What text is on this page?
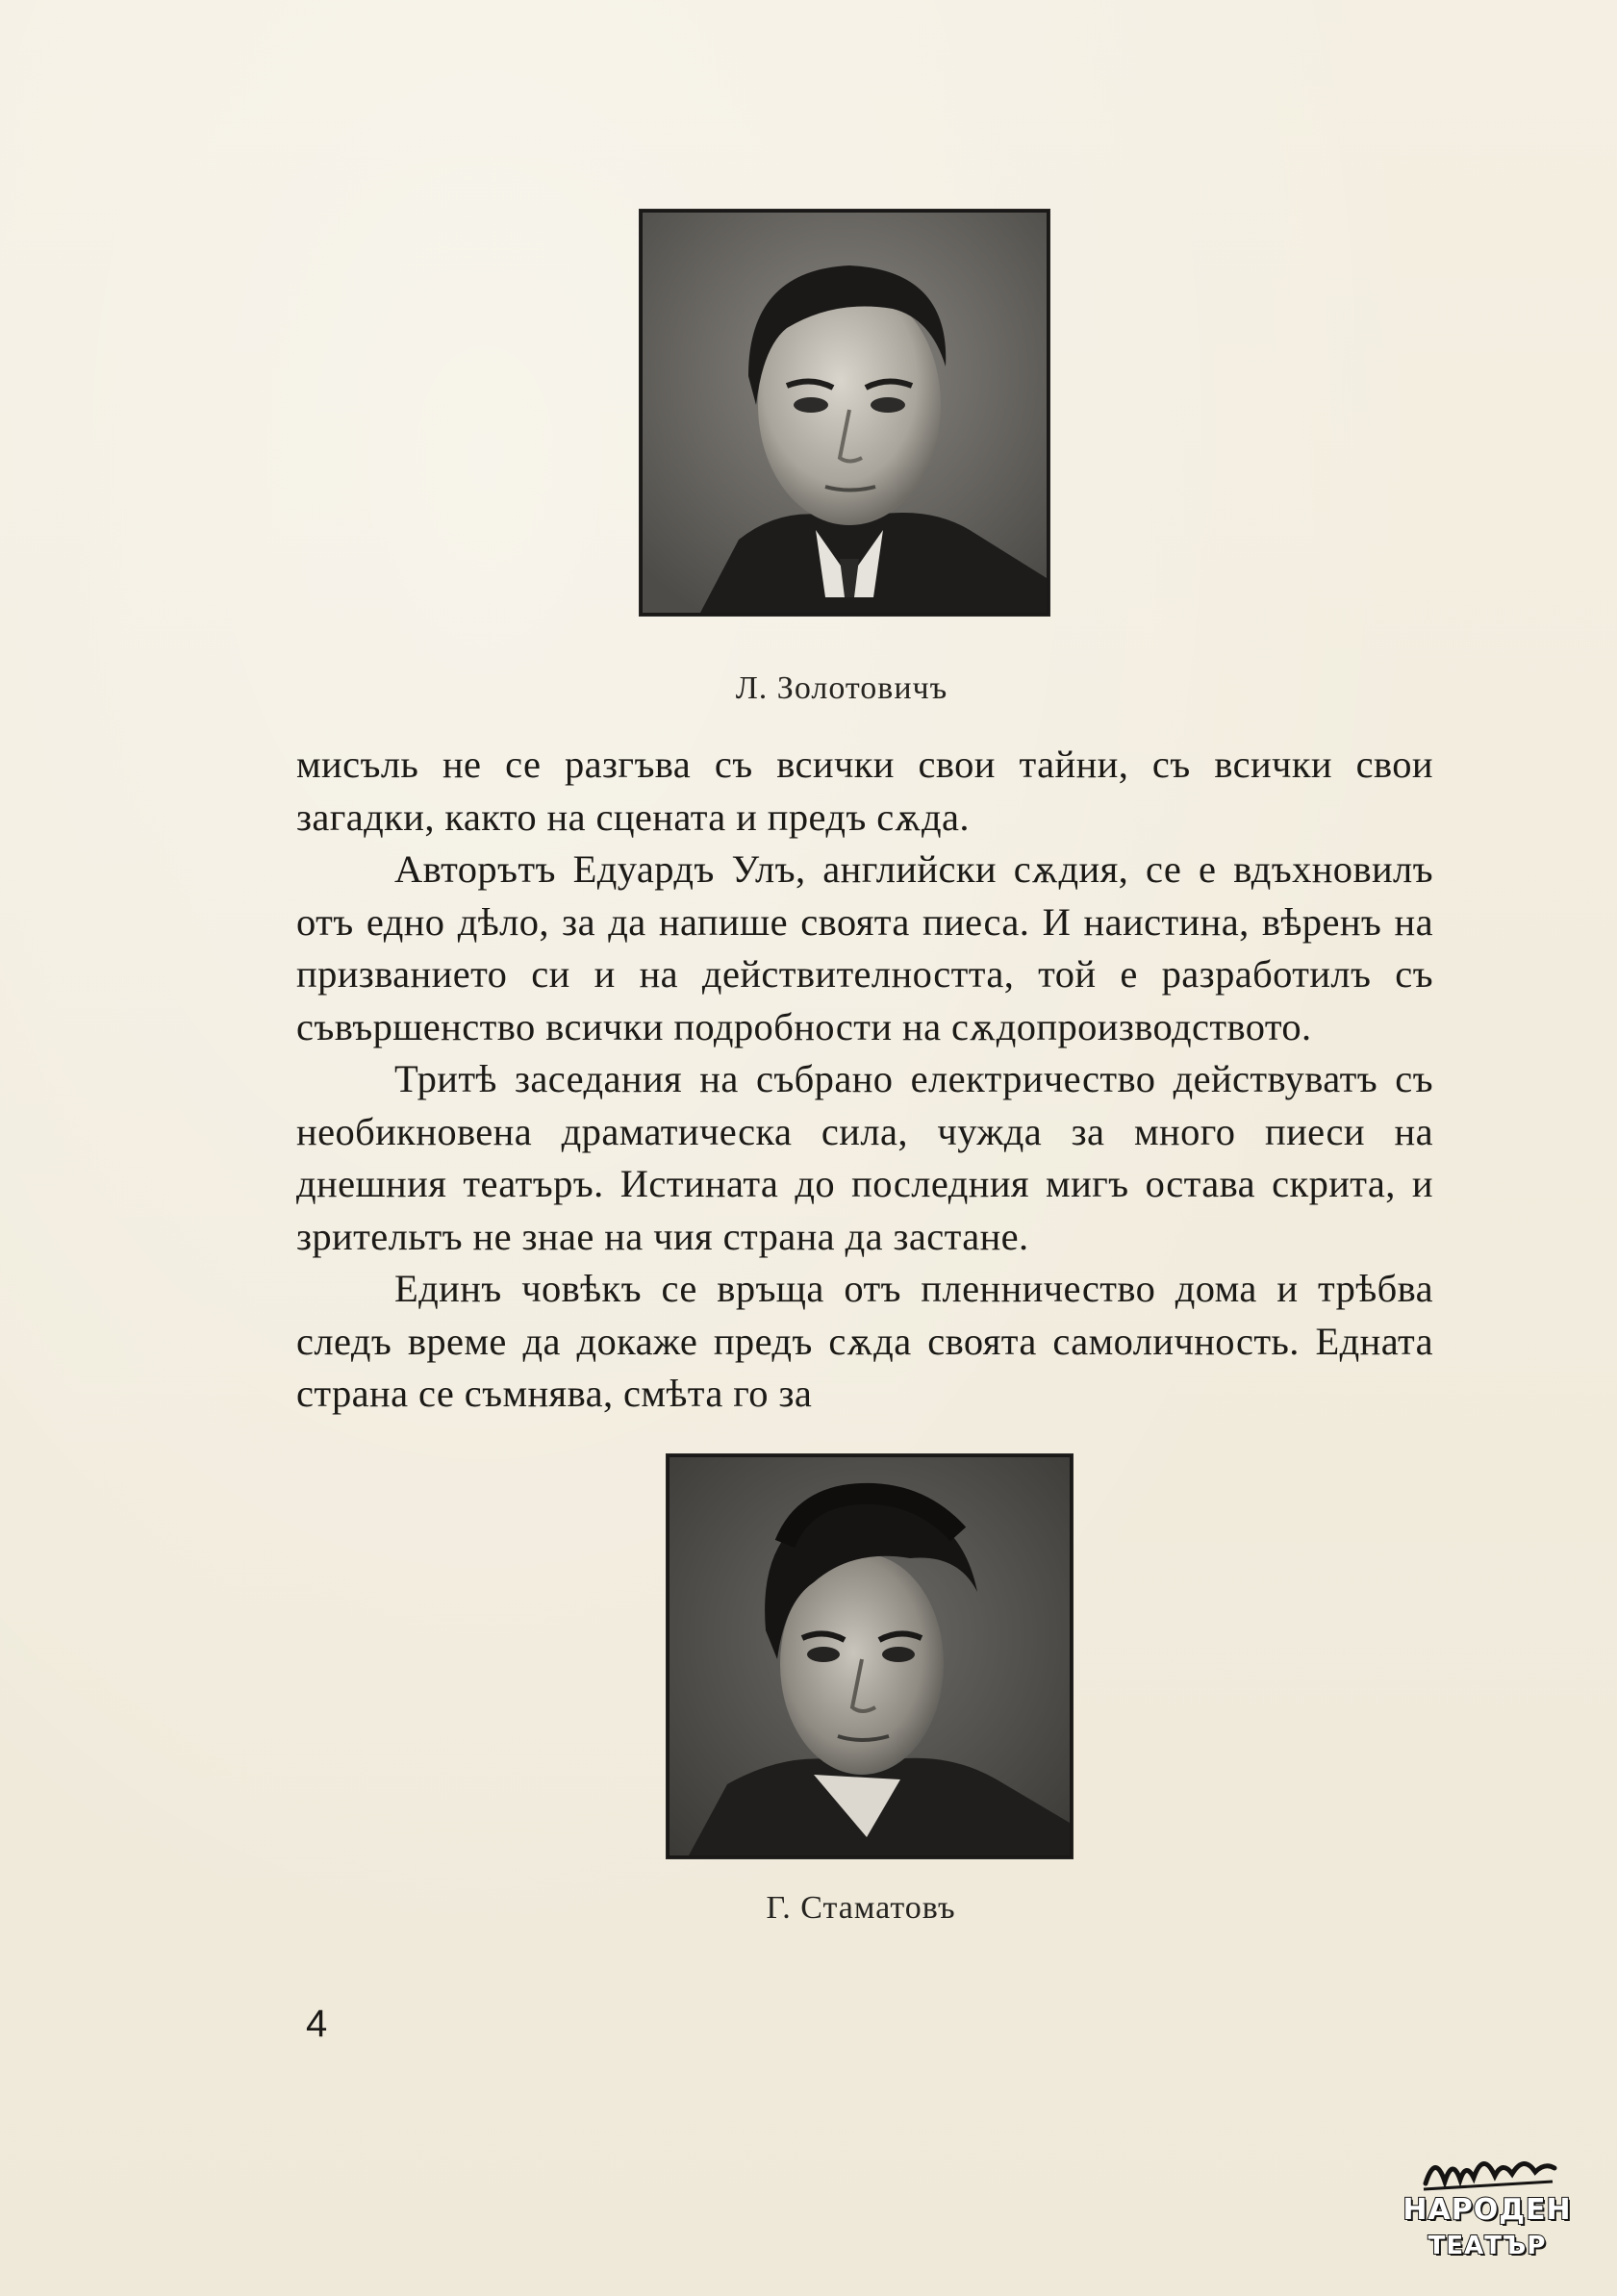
Л. Золотовичъ

мисъль не се разгъва съ всички свои тайни, съ всички свои загадки, както на сцената и предъ сѫда.

Авторътъ Едуардъ Улъ, английски сѫдия, се е вдъхновилъ отъ едно дѣло, за да напише своята пиеса. И наистина, вѣренъ на призванието си и на действителността, той е разработилъ съ съвършенство всички подробности на сѫдопроизводството.

Тритѣ заседания на събрано електричество действуватъ съ необикновена драматическа сила, чужда за много пиеси на днешния театъръ. Истината до последния мигъ остава скрита, и зрительтъ не знае на чия страна да застане.

Единъ човѣкъ се връща отъ пленничество дома и трѣбва следъ време да докаже предъ сѫда своята самоличность. Едната страна се съмнява, смѣта го за

Г. Стаматовъ
4
НАРОДЕН
ТЕАТЪР
